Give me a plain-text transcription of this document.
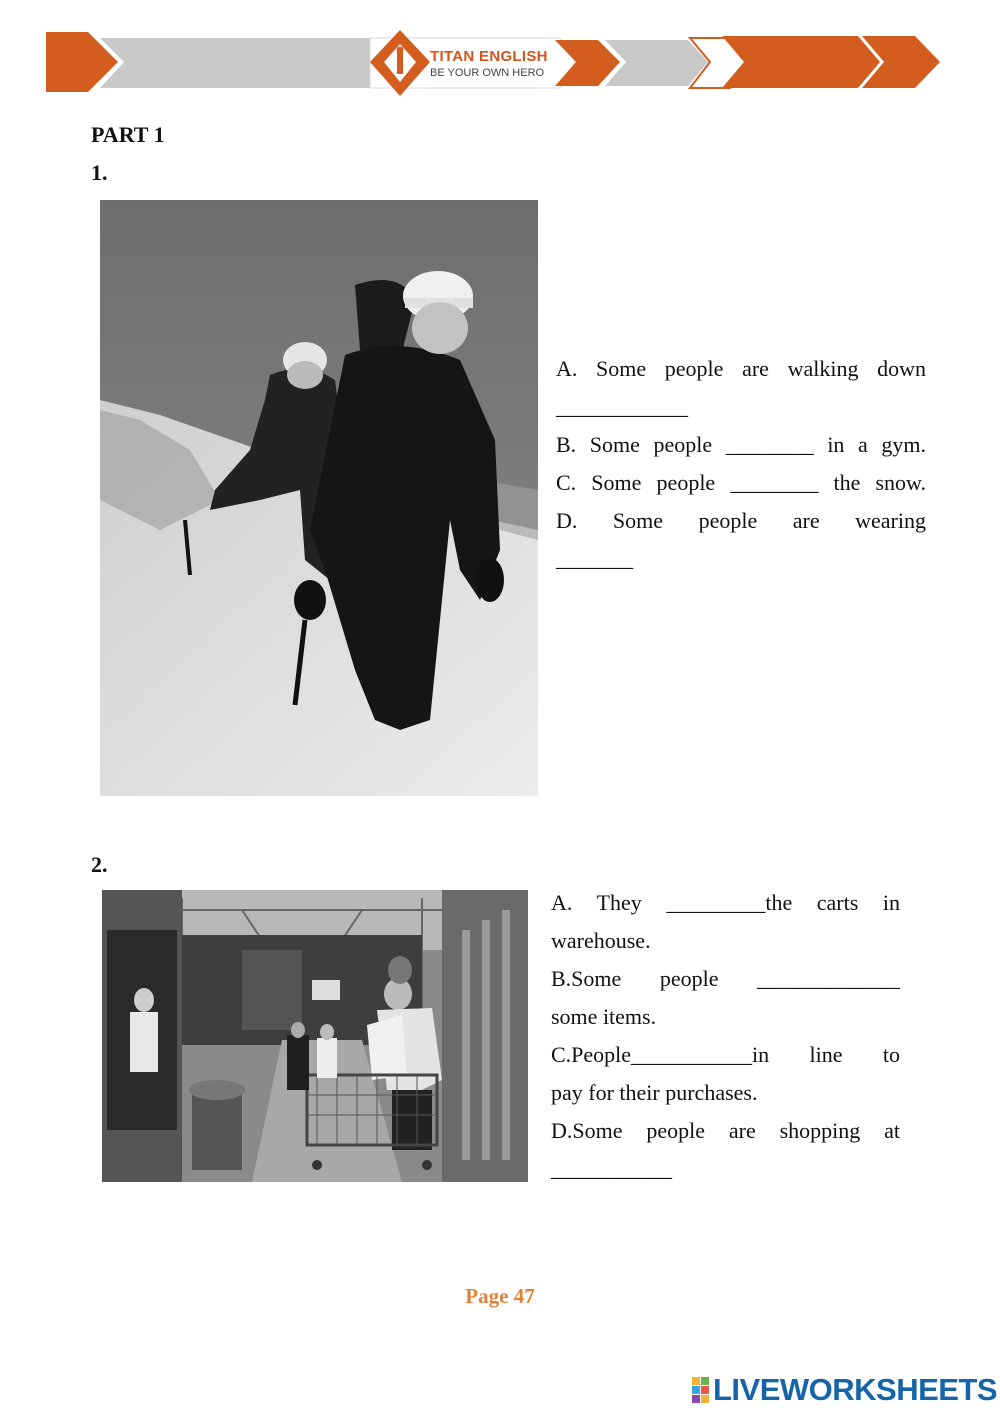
TITAN ENGLISH
BE YOUR OWN HERO
PART 1
1.
A. Some people are walking down
____________
B. Some people ________ in a gym.
C. Some people ________ the snow.
D. Some people are wearing
_______
2.
A. They _________the carts in
warehouse.
B.Some people _____________
some items.
C.People___________in line to
pay for their purchases.
D.Some people are shopping at
___________
Page 47
LIVEWORKSHEETS
